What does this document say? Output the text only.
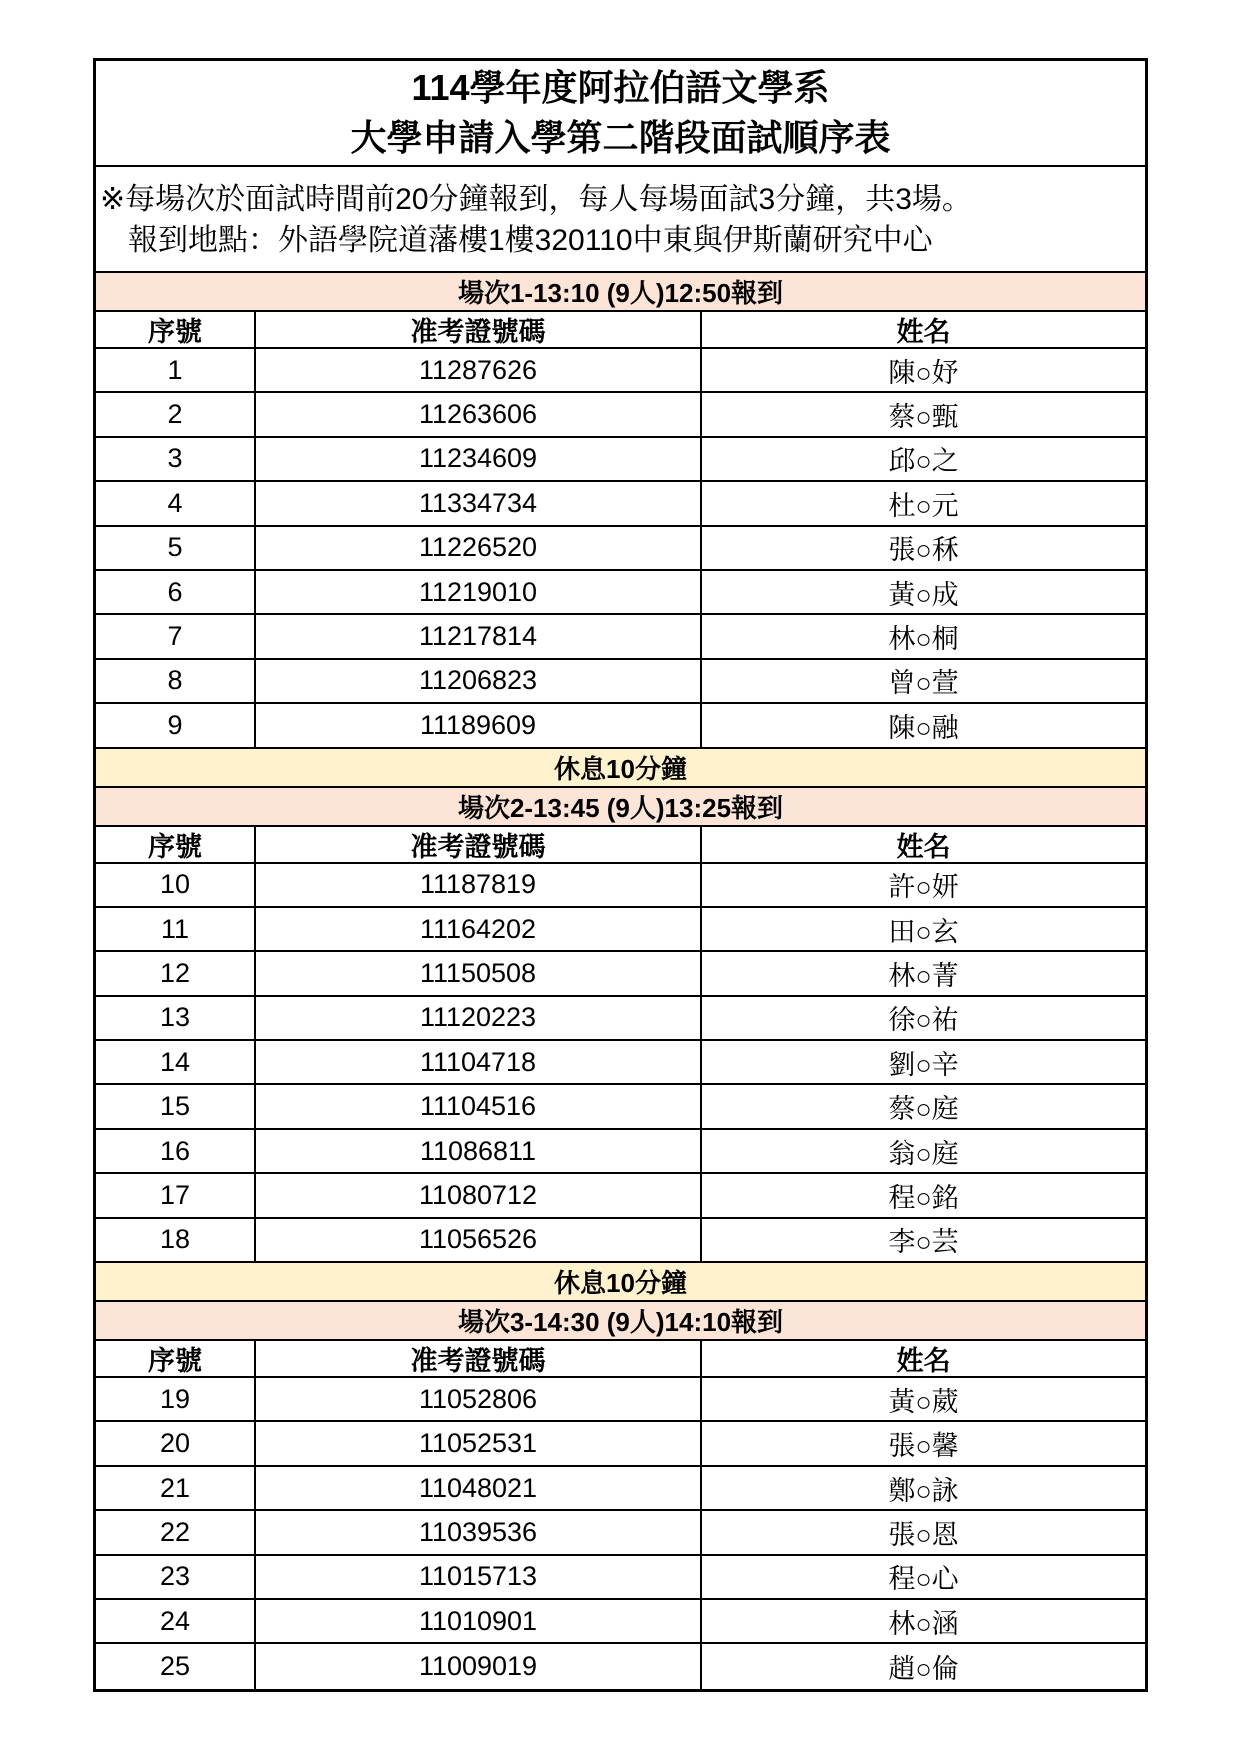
114學年度阿拉伯語文學系
大學申請入學第二階段面試順序表
※每場次於面試時間前20分鐘報到，每人每場面試3分鐘，共3場。
報到地點：外語學院道藩樓1樓320110中東與伊斯蘭研究中心
場次1-13:10 (9人)12:50報到
序號	准考證號碼	姓名
1	11287626	陳○妤
2	11263606	蔡○甄
3	11234609	邱○之
4	11334734	杜○元
5	11226520	張○秝
6	11219010	黃○成
7	11217814	林○桐
8	11206823	曾○萱
9	11189609	陳○融
休息10分鐘
場次2-13:45 (9人)13:25報到
序號	准考證號碼	姓名
10	11187819	許○妍
11	11164202	田○玄
12	11150508	林○菁
13	11120223	徐○祐
14	11104718	劉○辛
15	11104516	蔡○庭
16	11086811	翁○庭
17	11080712	程○銘
18	11056526	李○芸
休息10分鐘
場次3-14:30 (9人)14:10報到
序號	准考證號碼	姓名
19	11052806	黃○葳
20	11052531	張○馨
21	11048021	鄭○詠
22	11039536	張○恩
23	11015713	程○心
24	11010901	林○涵
25	11009019	趙○倫
